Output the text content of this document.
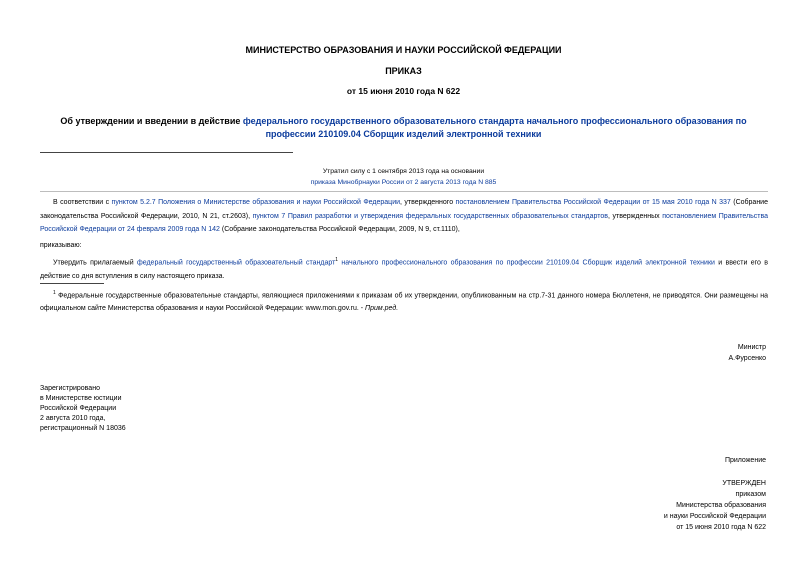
МИНИСТЕРСТВО ОБРАЗОВАНИЯ И НАУКИ РОССИЙСКОЙ ФЕДЕРАЦИИ
ПРИКАЗ
от 15 июня 2010 года N 622
Об утверждении и введении в действие федерального государственного образовательного стандарта начального профессионального образования по
профессии 210109.04 Сборщик изделий электронной техники
Утратил силу с 1 сентября 2013 года на основании
приказа Минобрнауки России от 2 августа 2013 года N 885
В соответствии с пунктом 5.2.7 Положения о Министерстве образования и науки Российской Федерации, утвержденного постановлением Правительства Российской Федерации от 15 мая 2010 года N 337 (Собрание законодательства Российской Федерации, 2010, N 21, ст.2603), пунктом 7 Правил разработки и утверждения федеральных государственных образовательных стандартов, утвержденных постановлением Правительства Российской Федерации от 24 февраля 2009 года N 142 (Собрание законодательства Российской Федерации, 2009, N 9, ст.1110),
приказываю:
Утвердить прилагаемый федеральный государственный образовательный стандарт$^1$ начального профессионального образования по профессии 210109.04 Сборщик изделий электронной техники и ввести его в действие со дня вступления в силу настоящего приказа.
$^1$ Федеральные государственные образовательные стандарты, являющиеся приложениями к приказам об их утверждении, опубликованным на стр.7-31 данного номера Бюллетеня, не приводятся. Они размещены на официальном сайте Министерства образования и науки Российской Федерации: www.mon.gov.ru. - Прим.ред.
Министр
А.Фурсенко
Зарегистрировано
в Министерстве юстиции
Российской Федерации
2 августа 2010 года,
регистрационный N 18036
Приложение
УТВЕРЖДЕН
приказом
Министерства образования
и науки Российской Федерации
от 15 июня 2010 года N 622
